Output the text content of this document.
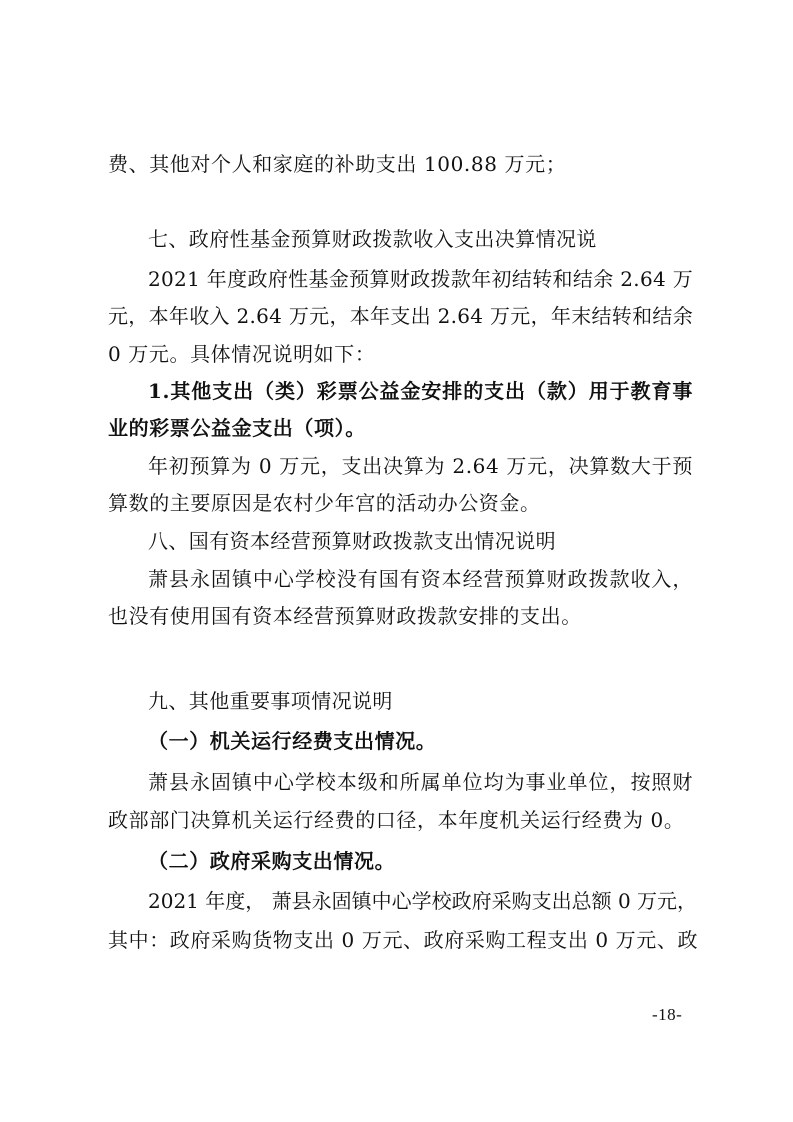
费、其他对个人和家庭的补助支出 100.88 万元；
七、政府性基金预算财政拨款收入支出决算情况说
2021 年度政府性基金预算财政拨款年初结转和结余 2.64 万
元，本年收入 2.64 万元，本年支出 2.64 万元，年末结转和结余
0 万元。具体情况说明如下：
1.其他支出（类）彩票公益金安排的支出（款）用于教育事
业的彩票公益金支出（项）。
年初预算为 0 万元，支出决算为 2.64 万元，决算数大于预
算数的主要原因是农村少年宫的活动办公资金。
八、国有资本经营预算财政拨款支出情况说明
萧县永固镇中心学校没有国有资本经营预算财政拨款收入，
也没有使用国有资本经营预算财政拨款安排的支出。
九、其他重要事项情况说明
（一）机关运行经费支出情况。
萧县永固镇中心学校本级和所属单位均为事业单位，按照财
政部部门决算机关运行经费的口径，本年度机关运行经费为 0。
（二）政府采购支出情况。
2021 年度， 萧县永固镇中心学校政府采购支出总额 0 万元，
其中：政府采购货物支出 0 万元、政府采购工程支出 0 万元、政
-18-
